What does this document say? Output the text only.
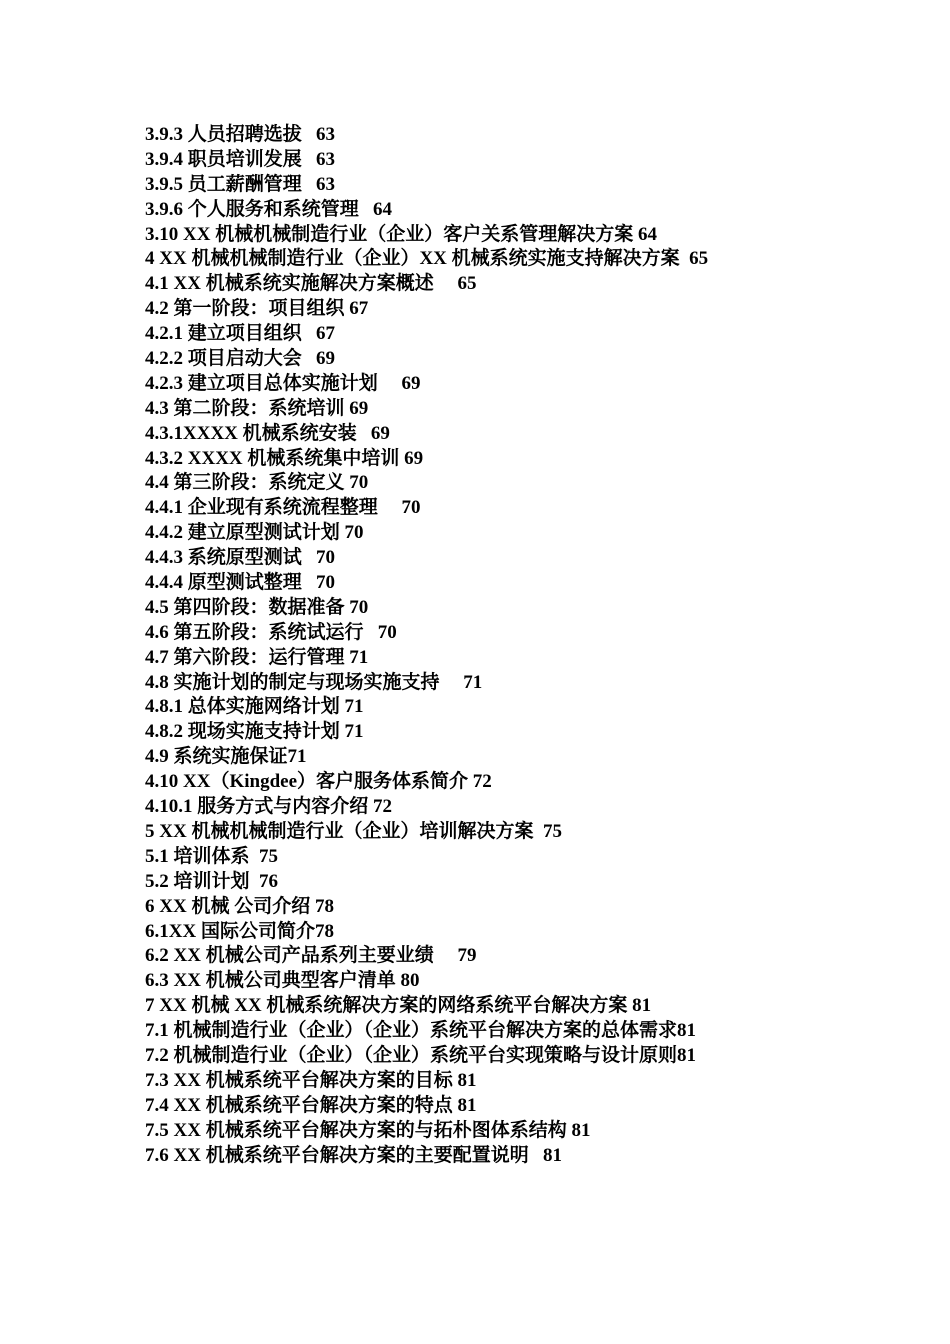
3.9.3 人员招聘选拔   63
3.9.4 职员培训发展   63
3.9.5 员工薪酬管理   63
3.9.6 个人服务和系统管理   64
3.10 XX 机械机械制造行业（企业）客户关系管理解决方案 64
4 XX 机械机械制造行业（企业）XX 机械系统实施支持解决方案  65
4.1 XX 机械系统实施解决方案概述     65
4.2 第一阶段：项目组织 67
4.2.1 建立项目组织   67
4.2.2 项目启动大会   69
4.2.3 建立项目总体实施计划     69
4.3 第二阶段：系统培训 69
4.3.1XXXX 机械系统安装   69
4.3.2 XXXX 机械系统集中培训 69
4.4 第三阶段：系统定义 70
4.4.1 企业现有系统流程整理     70
4.4.2 建立原型测试计划 70
4.4.3 系统原型测试   70
4.4.4 原型测试整理   70
4.5 第四阶段：数据准备 70
4.6 第五阶段：系统试运行   70
4.7 第六阶段：运行管理 71
4.8 实施计划的制定与现场实施支持     71
4.8.1 总体实施网络计划 71
4.8.2 现场实施支持计划 71
4.9 系统实施保证71
4.10 XX（Kingdee）客户服务体系简介 72
4.10.1 服务方式与内容介绍 72
5 XX 机械机械制造行业（企业）培训解决方案  75
5.1 培训体系  75
5.2 培训计划  76
6 XX 机械 公司介绍 78
6.1XX 国际公司简介78
6.2 XX 机械公司产品系列主要业绩     79
6.3 XX 机械公司典型客户清单 80
7 XX 机械 XX 机械系统解决方案的网络系统平台解决方案 81
7.1 机械制造行业（企业）（企业）系统平台解决方案的总体需求81
7.2 机械制造行业（企业）（企业）系统平台实现策略与设计原则81
7.3 XX 机械系统平台解决方案的目标 81
7.4 XX 机械系统平台解决方案的特点 81
7.5 XX 机械系统平台解决方案的与拓朴图体系结构 81
7.6 XX 机械系统平台解决方案的主要配置说明   81
